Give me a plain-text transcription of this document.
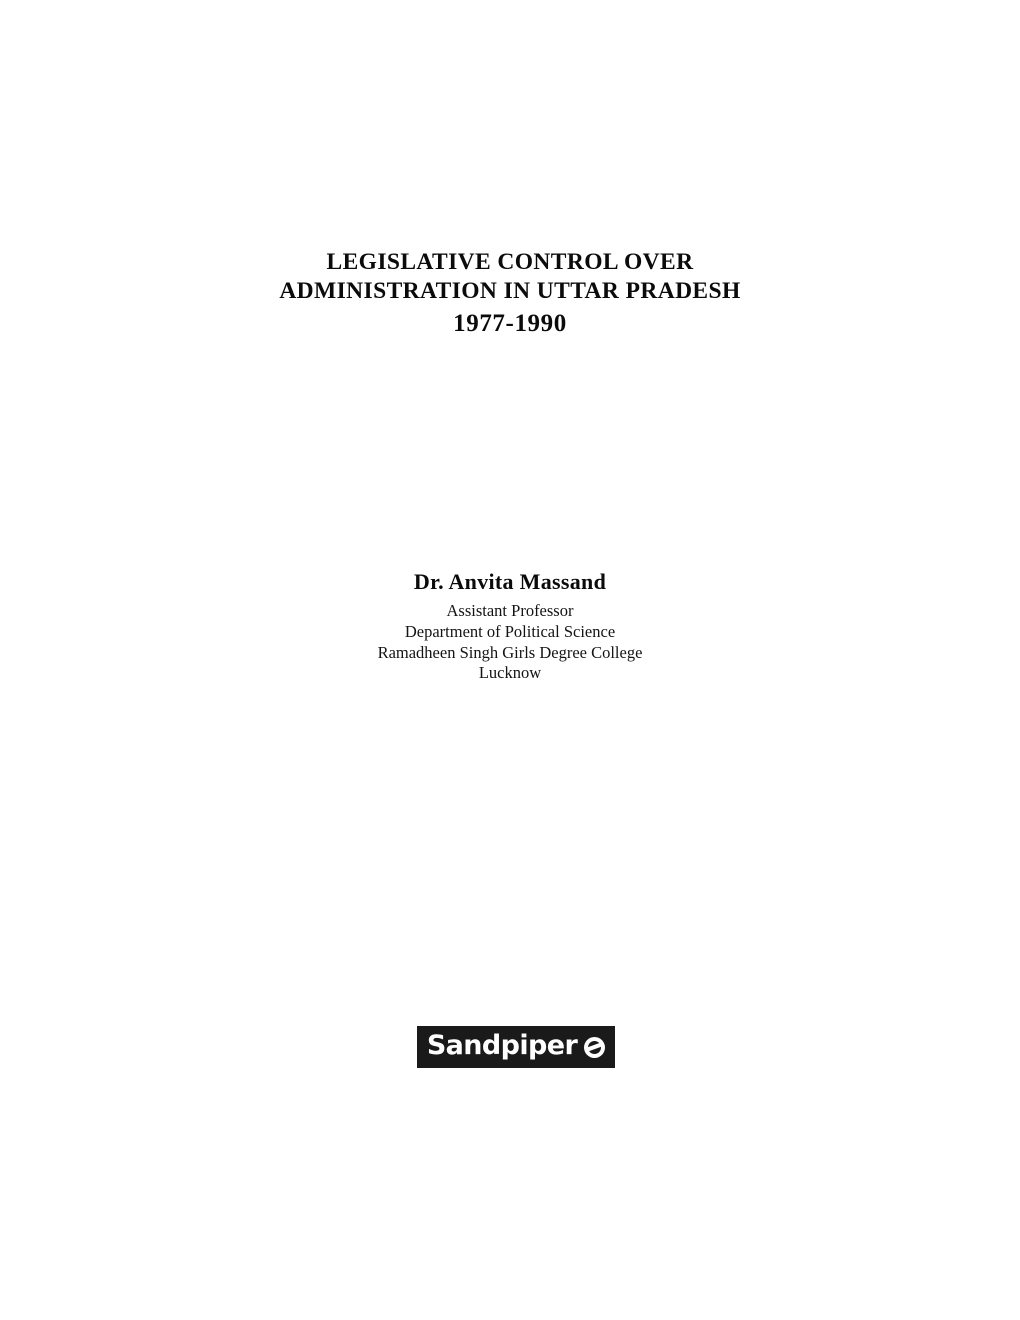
LEGISLATIVE CONTROL OVER
ADMINISTRATION IN UTTAR PRADESH
1977-1990
Dr. Anvita Massand
Assistant Professor
Department of Political Science
Ramadheen Singh Girls Degree College
Lucknow
Sandpiper
